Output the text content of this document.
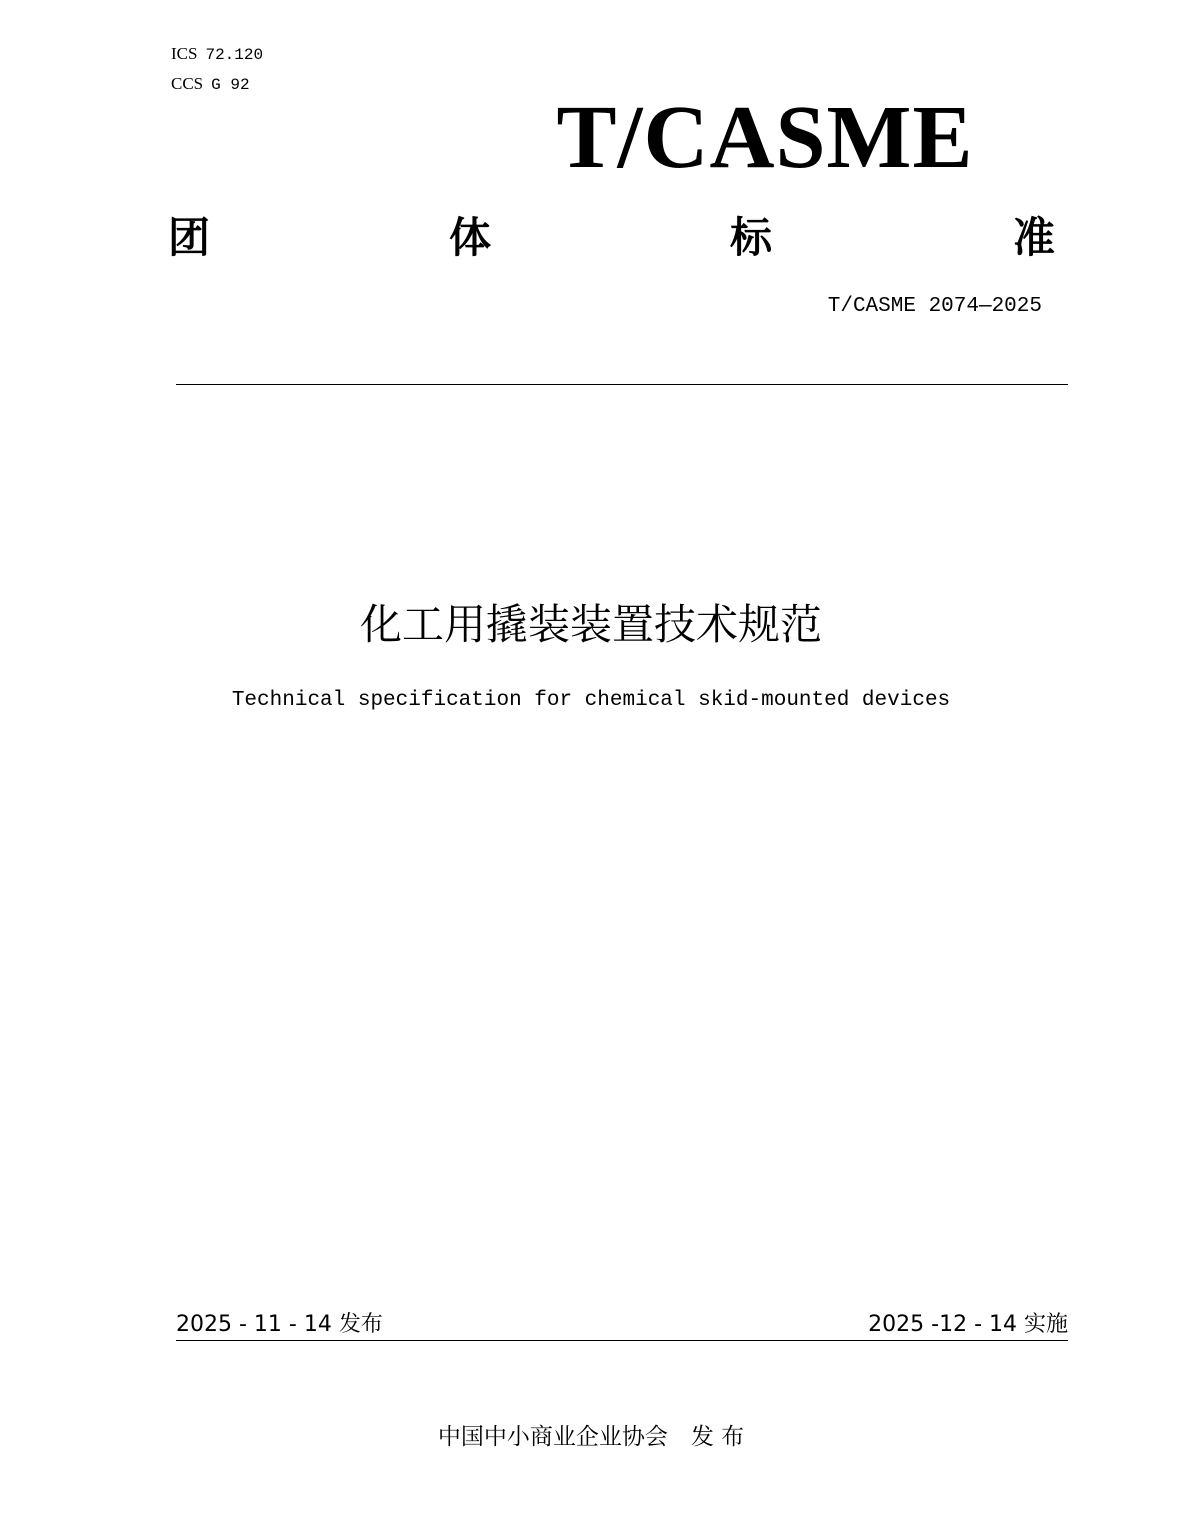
ICS 72.120
CCS G 92
T/CASME
团	体	标	准
T/CASME 2074—2025
化工用撬装装置技术规范
Technical specification for chemical skid-mounted devices
2025 - 11 - 14 发布	2025 -12 - 14 实施
中国中小商业企业协会　发 布
